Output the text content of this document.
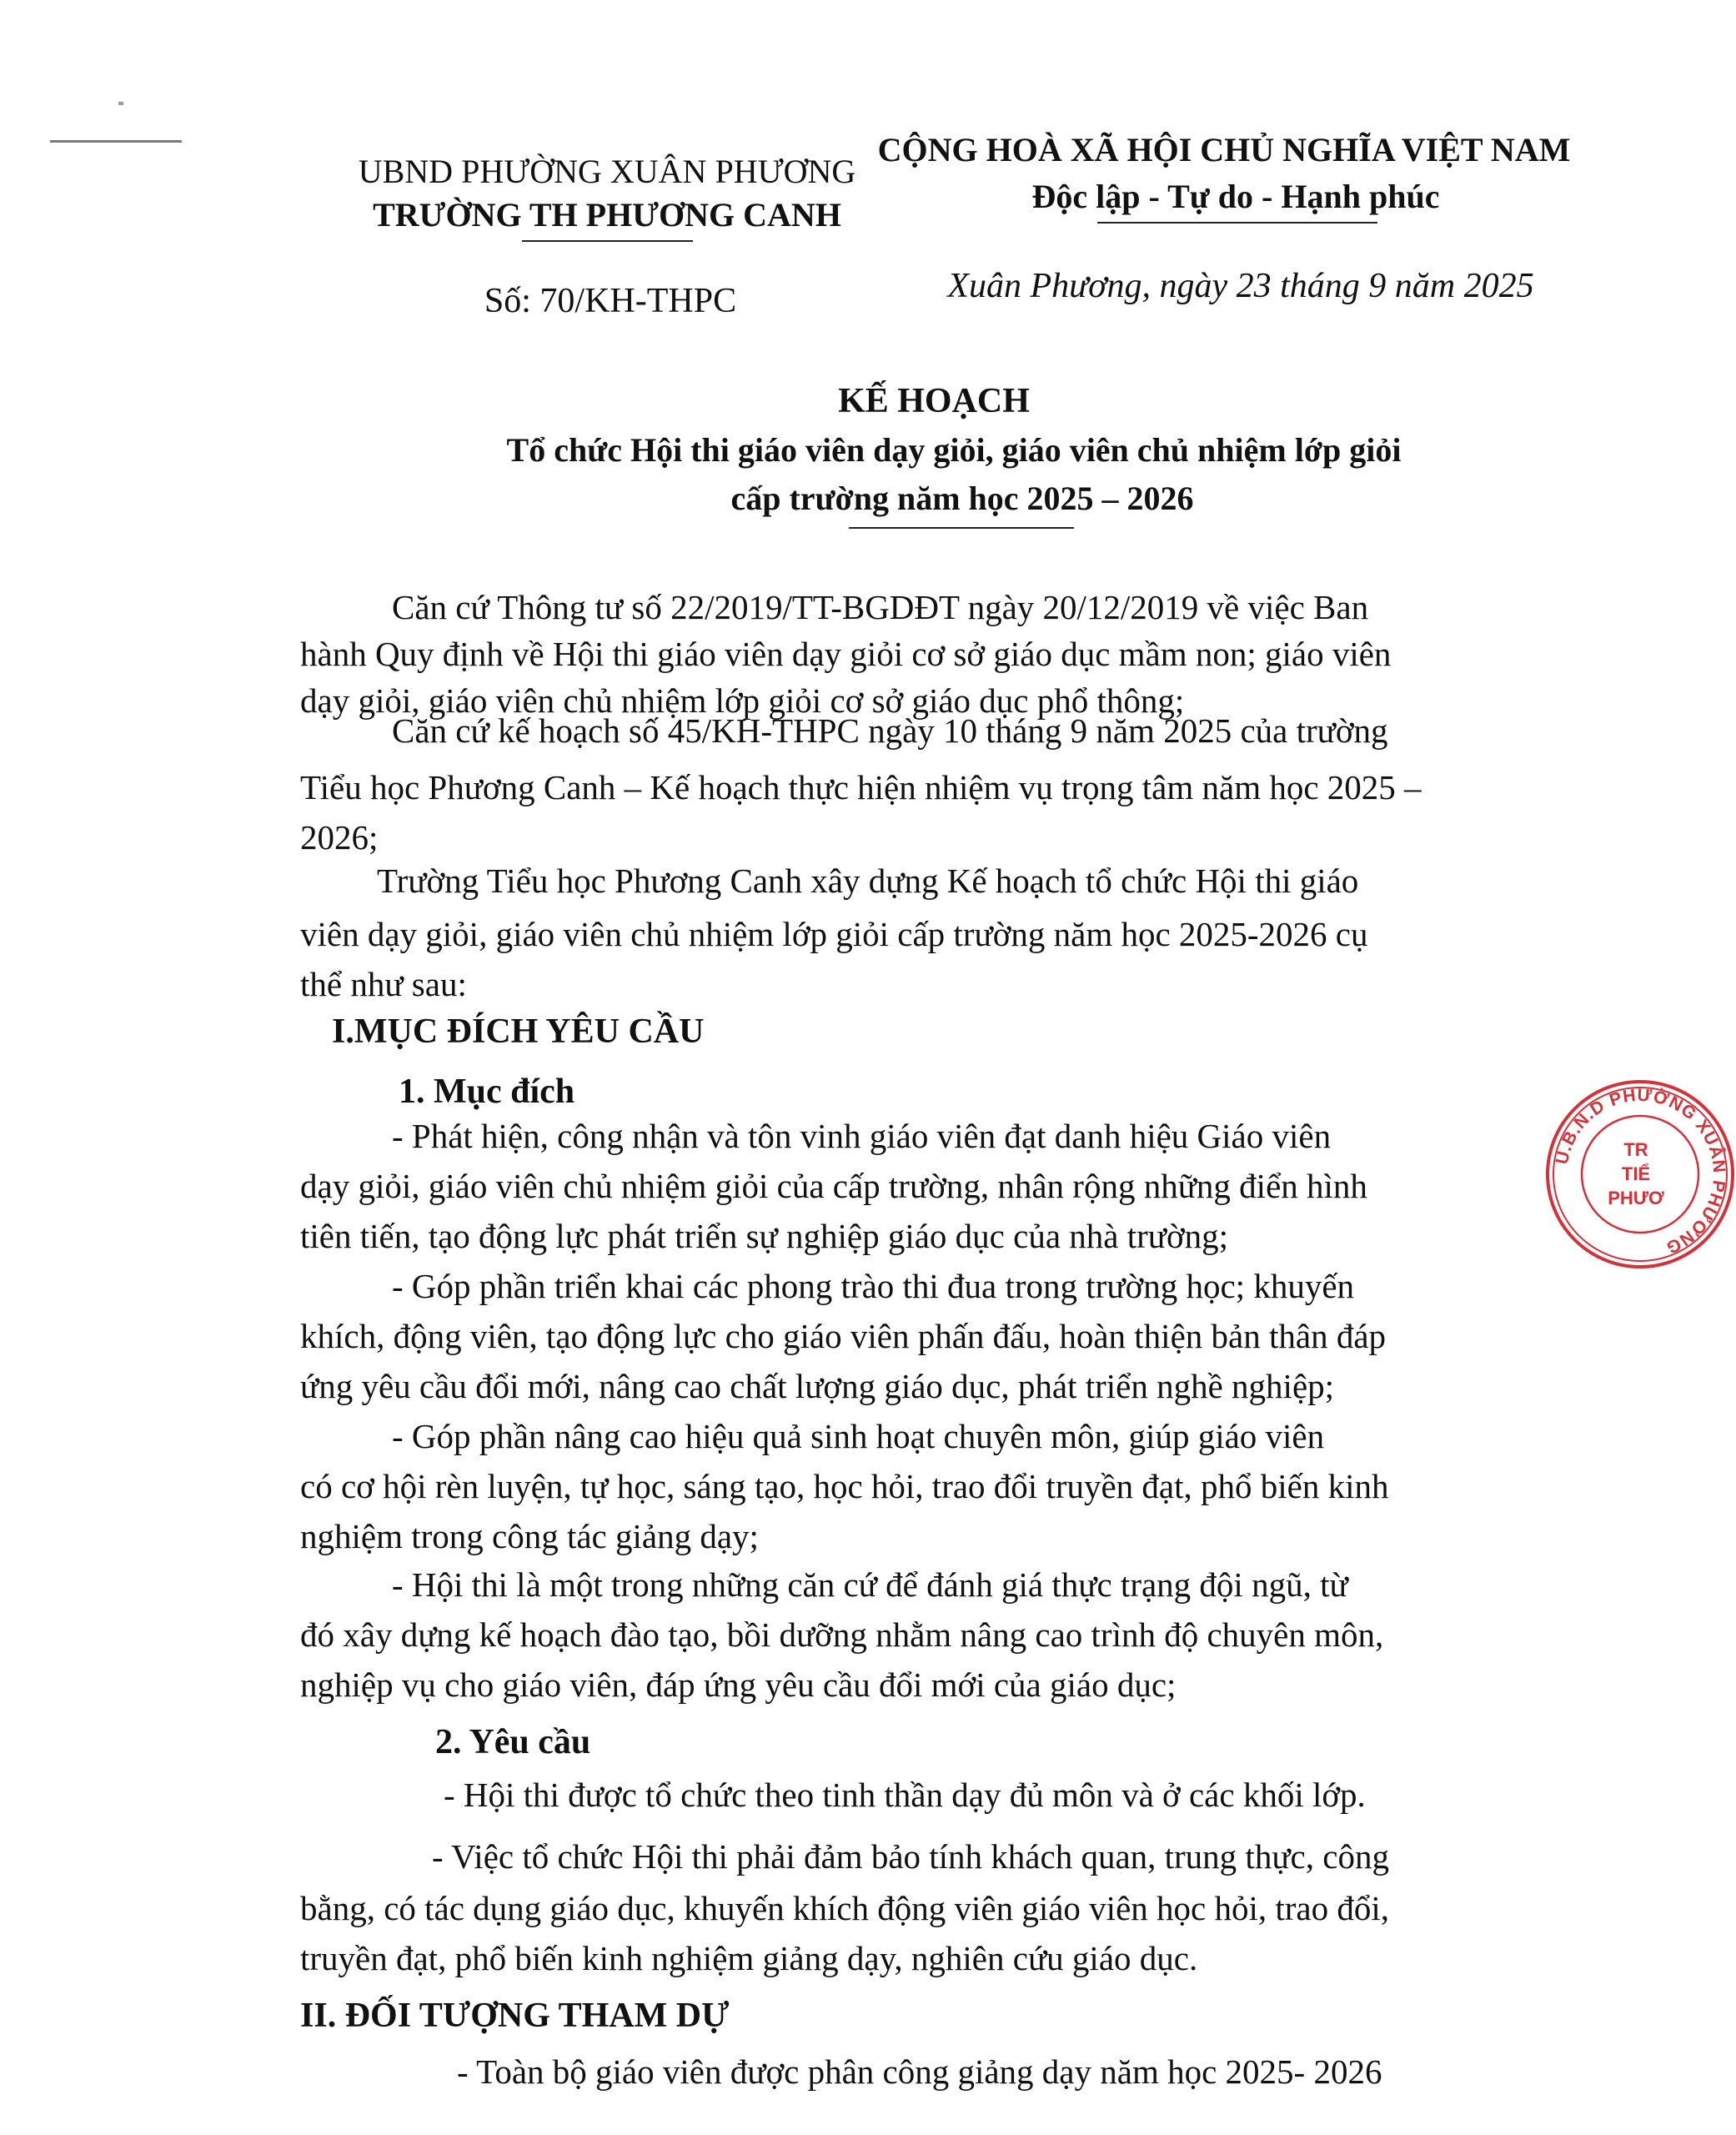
UBND PHƯỜNG XUÂN PHƯƠNG
TRƯỜNG TH PHƯƠNG CANH
Số: 70/KH-THPC
CỘNG HOÀ XÃ HỘI CHỦ NGHĨA VIỆT NAM
Độc lập - Tự do - Hạnh phúc
Xuân Phương, ngày 23 tháng 9 năm 2025
KẾ HOẠCH
Tổ chức Hội thi giáo viên dạy giỏi, giáo viên chủ nhiệm lớp giỏi
cấp trường năm học 2025 – 2026
Căn cứ Thông tư số 22/2019/TT-BGDĐT ngày 20/12/2019 về việc Ban
hành Quy định về Hội thi giáo viên dạy giỏi cơ sở giáo dục mầm non; giáo viên
dạy giỏi, giáo viên chủ nhiệm lớp giỏi cơ sở giáo dục phổ thông;
Căn cứ kế hoạch số 45/KH-THPC ngày 10 tháng 9 năm 2025 của trường
Tiểu học Phương Canh – Kế hoạch thực hiện nhiệm vụ trọng tâm năm học 2025 –
2026;
Trường Tiểu học Phương Canh xây dựng Kế hoạch tổ chức Hội thi giáo
viên dạy giỏi, giáo viên chủ nhiệm lớp giỏi cấp trường năm học 2025-2026 cụ
thể như sau:
I.MỤC ĐÍCH YÊU CẦU
1. Mục đích
- Phát hiện, công nhận và tôn vinh giáo viên đạt danh hiệu Giáo viên
dạy giỏi, giáo viên chủ nhiệm giỏi của cấp trường, nhân rộng những điển hình
tiên tiến, tạo động lực phát triển sự nghiệp giáo dục của nhà trường;
- Góp phần triển khai các phong trào thi đua trong trường học; khuyến
khích, động viên, tạo động lực cho giáo viên phấn đấu, hoàn thiện bản thân đáp
ứng yêu cầu đổi mới, nâng cao chất lượng giáo dục, phát triển nghề nghiệp;
- Góp phần nâng cao hiệu quả sinh hoạt chuyên môn, giúp giáo viên
có cơ hội rèn luyện, tự học, sáng tạo, học hỏi, trao đổi truyền đạt, phổ biến kinh
nghiệm trong công tác giảng dạy;
- Hội thi là một trong những căn cứ để đánh giá thực trạng đội ngũ, từ
đó xây dựng kế hoạch đào tạo, bồi dưỡng nhằm nâng cao trình độ chuyên môn,
nghiệp vụ cho giáo viên, đáp ứng yêu cầu đổi mới của giáo dục;
2. Yêu cầu
- Hội thi được tổ chức theo tinh thần dạy đủ môn và ở các khối lớp.
- Việc tổ chức Hội thi phải đảm bảo tính khách quan, trung thực, công
bằng, có tác dụng giáo dục, khuyến khích động viên giáo viên học hỏi, trao đổi,
truyền đạt, phổ biến kinh nghiệm giảng dạy, nghiên cứu giáo dục.
II. ĐỐI TƯỢNG THAM DỰ
- Toàn bộ giáo viên được phân công giảng dạy năm học 2025- 2026
U.B.N.D PHƯỜNG XUÂN PHƯƠNG
TR
TIỂ
PHƯƠ
